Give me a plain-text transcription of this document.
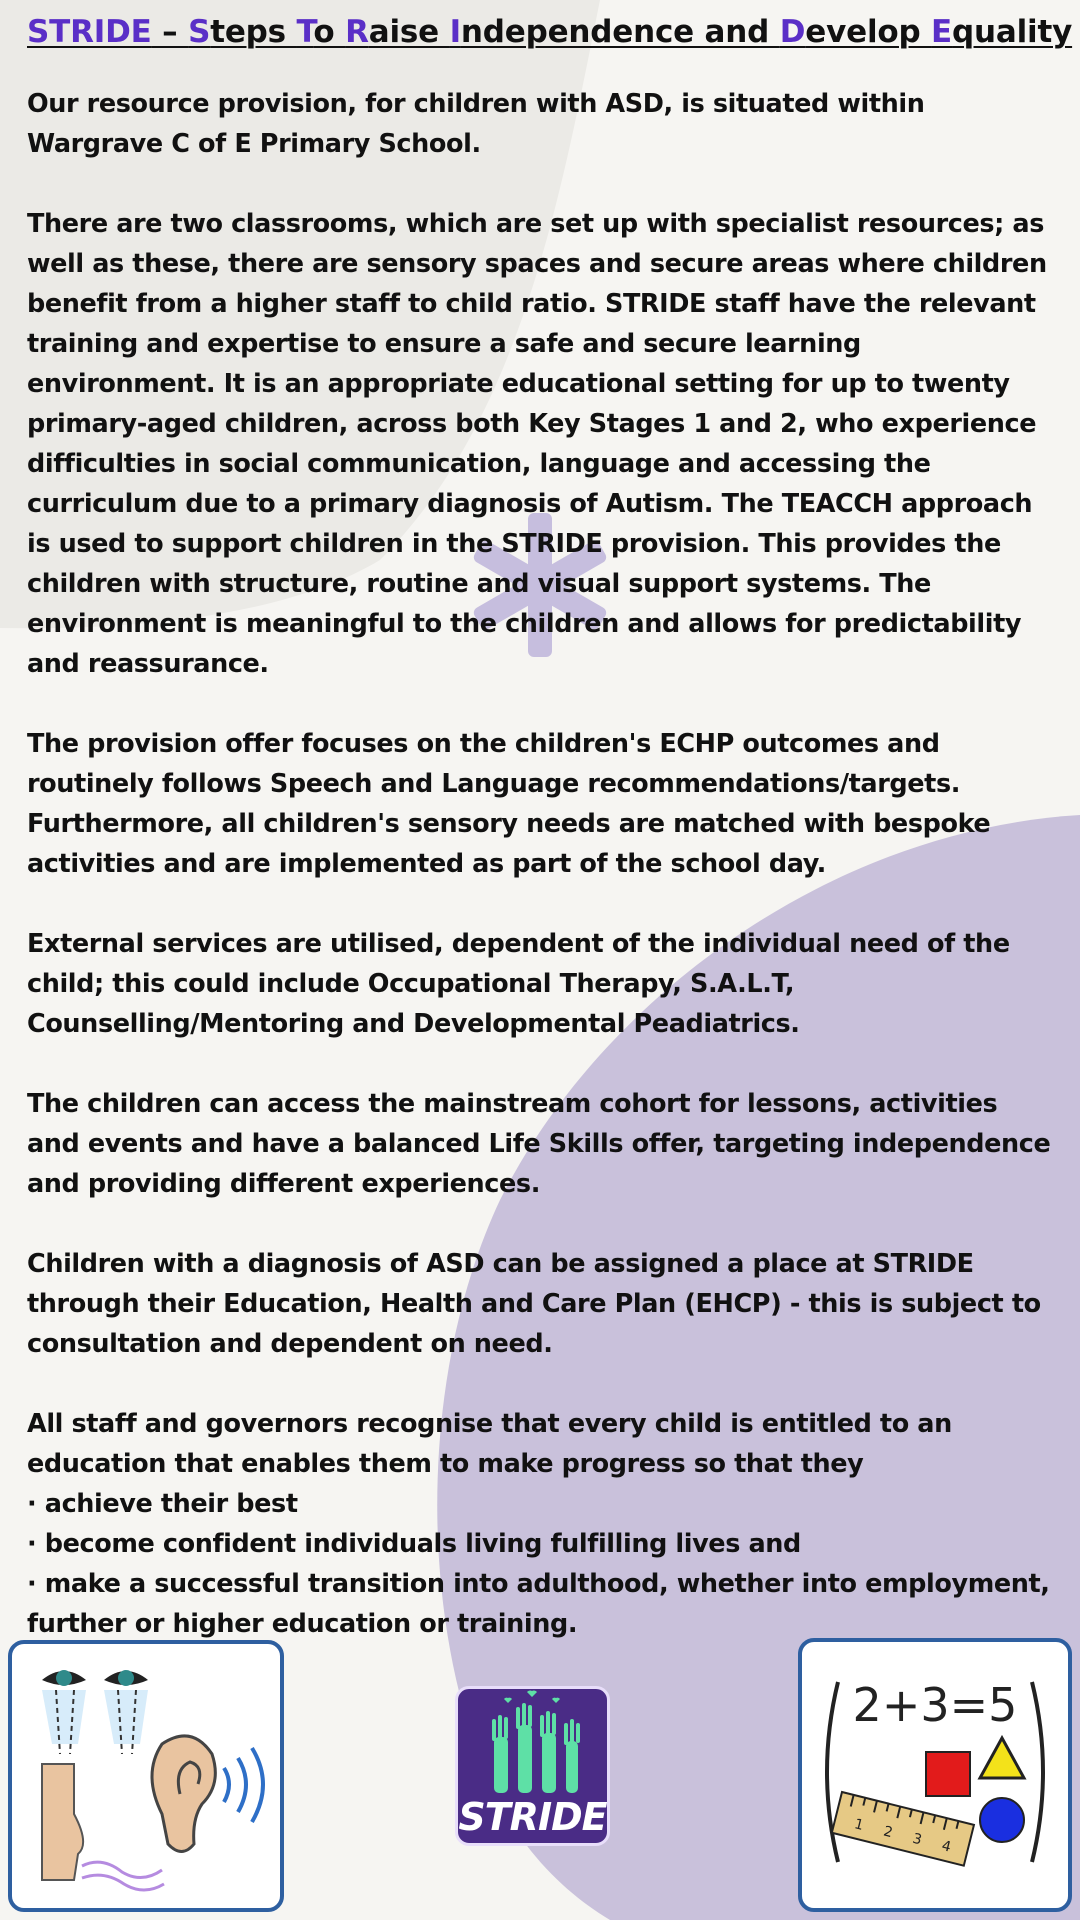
STRIDE – Steps To Raise Independence and Develop Equality

Our resource provision, for children with ASD, is situated within Wargrave C of E Primary School.

There are two classrooms, which are set up with specialist resources; as well as these, there are sensory spaces and secure areas where children benefit from a higher staff to child ratio. STRIDE staff have the relevant training and expertise to ensure a safe and secure learning environment. It is an appropriate educational setting for up to twenty primary-aged children, across both Key Stages 1 and 2, who experience difficulties in social communication, language and accessing the curriculum due to a primary diagnosis of Autism. The TEACCH approach is used to support children in the STRIDE provision. This provides the children with structure, routine and visual support systems. The environment is meaningful to the children and allows for predictability and reassurance.

The provision offer focuses on the children's ECHP outcomes and routinely follows Speech and Language recommendations/targets. Furthermore, all children's sensory needs are matched with bespoke activities and are implemented as part of the school day.

External services are utilised, dependent of the individual need of the child; this could include Occupational Therapy, S.A.L.T, Counselling/Mentoring and Developmental Peadiatrics.

The children can access the mainstream cohort for lessons, activities and events and have a balanced Life Skills offer, targeting independence and providing different experiences.

Children with a diagnosis of ASD can be assigned a place at STRIDE through their Education, Health and Care Plan (EHCP) - this is subject to consultation and dependent on need.

All staff and governors recognise that every child is entitled to an education that enables them to make progress so that they

· achieve their best
· become confident individuals living fulfilling lives and
· make a successful transition into adulthood, whether into employment, further or higher education or training.
STRIDE
2+3=5
1 2 3 4
